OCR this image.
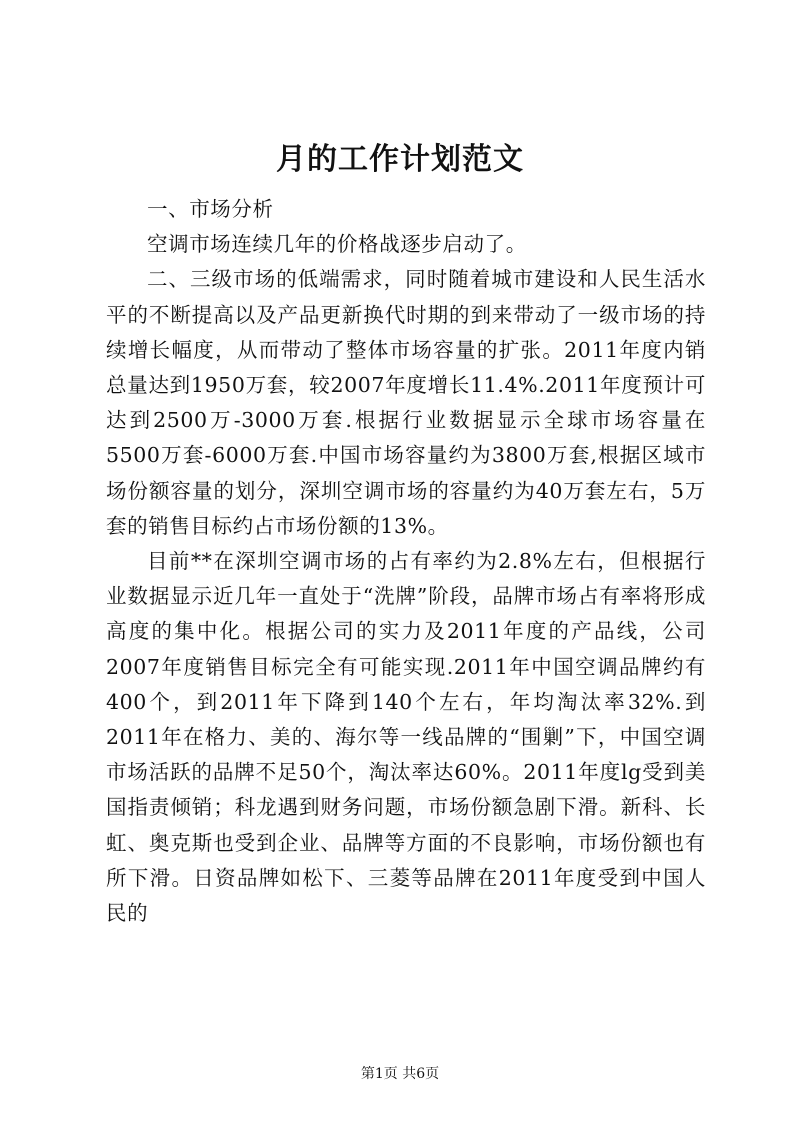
月的工作计划范文

一、市场分析

空调市场连续几年的价格战逐步启动了。

二、三级市场的低端需求，同时随着城市建设和人民生活水平的不断提高以及产品更新换代时期的到来带动了一级市场的持续增长幅度，从而带动了整体市场容量的扩张。2011年度内销总量达到1950万套，较2007年度增长11.4%.2011年度预计可达到2500万-3000万套.根据行业数据显示全球市场容量在5500万套-6000万套.中国市场容量约为3800万套,根据区域市场份额容量的划分，深圳空调市场的容量约为40万套左右，5万套的销售目标约占市场份额的13%。

目前**在深圳空调市场的占有率约为2.8%左右，但根据行业数据显示近几年一直处于“洗牌”阶段，品牌市场占有率将形成高度的集中化。根据公司的实力及2011年度的产品线，公司2007年度销售目标完全有可能实现.2011年中国空调品牌约有400个，到2011年下降到140个左右，年均淘汰率32%.到2011年在格力、美的、海尔等一线品牌的“围剿”下，中国空调市场活跃的品牌不足50个，淘汰率达60%。2011年度lg受到美国指责倾销；科龙遇到财务问题，市场份额急剧下滑。新科、长虹、奥克斯也受到企业、品牌等方面的不良影响，市场份额也有所下滑。日资品牌如松下、三菱等品牌在2011年度受到中国人民的

第1页 共6页
